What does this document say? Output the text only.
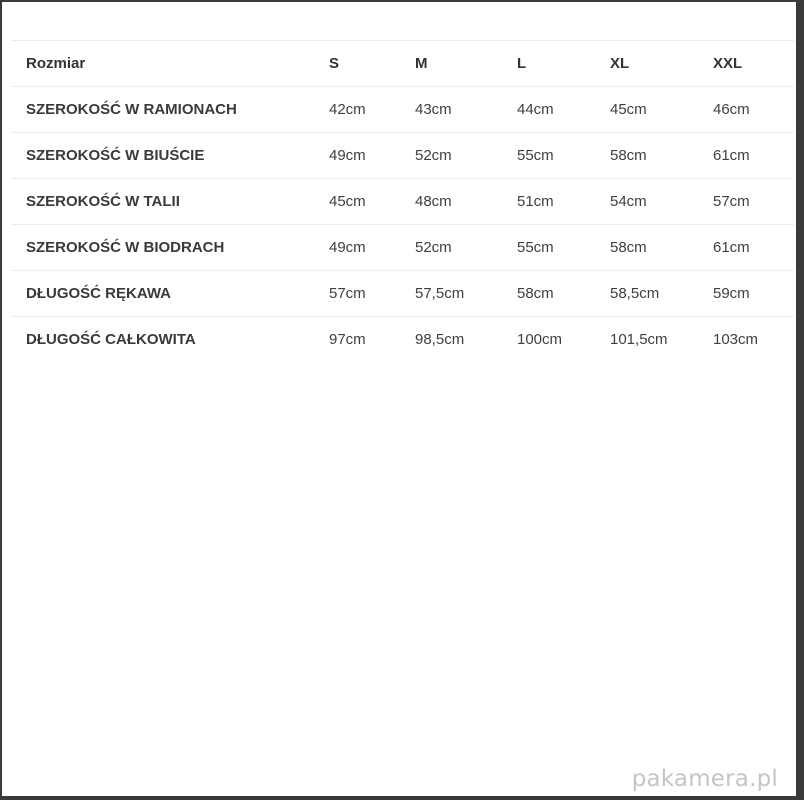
Rozmiar	S	M	L	XL	XXL
SZEROKOŚĆ W RAMIONACH	42cm	43cm	44cm	45cm	46cm
SZEROKOŚĆ W BIUŚCIE	49cm	52cm	55cm	58cm	61cm
SZEROKOŚĆ W TALII	45cm	48cm	51cm	54cm	57cm
SZEROKOŚĆ W BIODRACH	49cm	52cm	55cm	58cm	61cm
DŁUGOŚĆ RĘKAWA	57cm	57,5cm	58cm	58,5cm	59cm
DŁUGOŚĆ CAŁKOWITA	97cm	98,5cm	100cm	101,5cm	103cm
pakamera.pl
